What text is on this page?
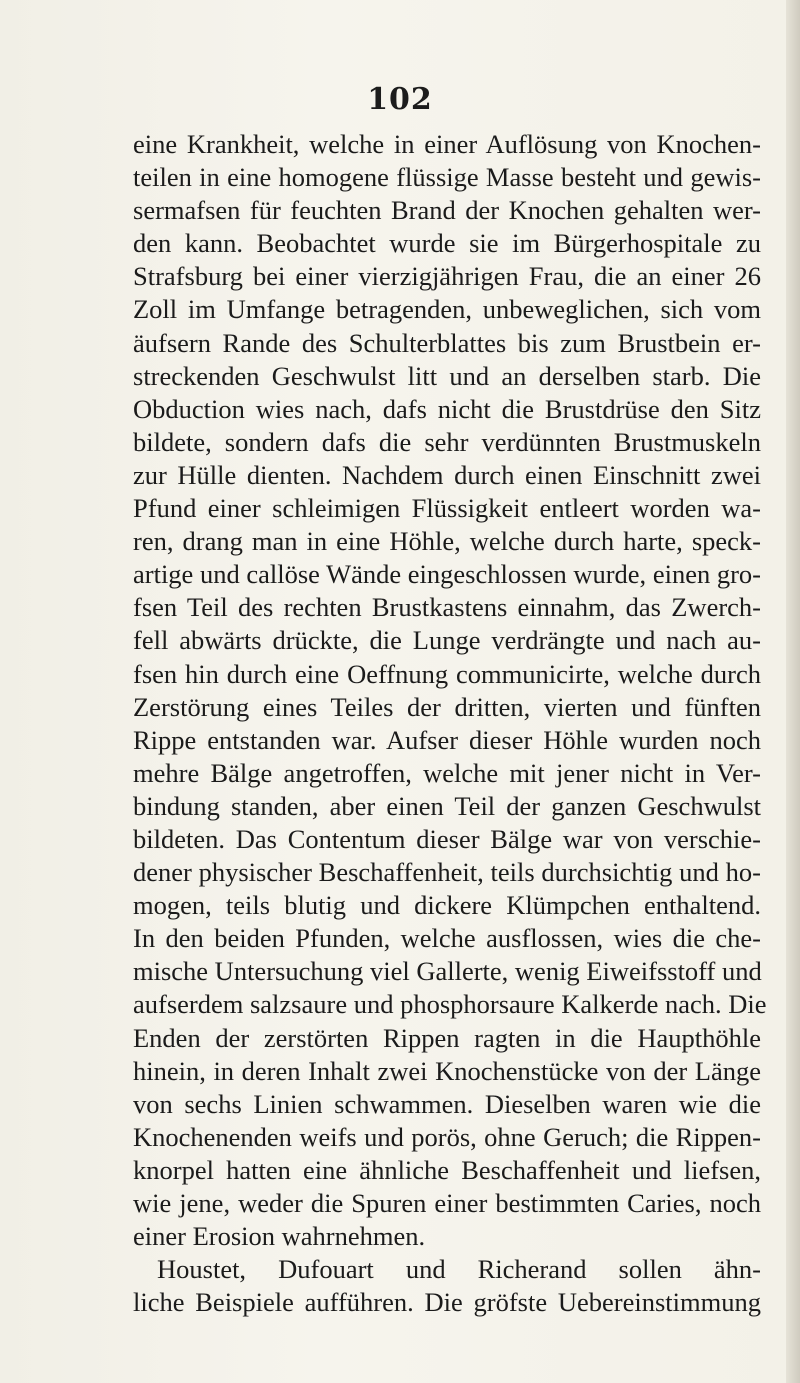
102
eine Krankheit, welche in einer Auflösung von Knochen-
teilen in eine homogene flüssige Masse besteht und gewis-
sermafsen für feuchten Brand der Knochen gehalten wer-
den kann. Beobachtet wurde sie im Bürgerhospitale zu
Strafsburg bei einer vierzigjährigen Frau, die an einer 26
Zoll im Umfange betragenden, unbeweglichen, sich vom
äufsern Rande des Schulterblattes bis zum Brustbein er-
streckenden Geschwulst litt und an derselben starb. Die
Obduction wies nach, dafs nicht die Brustdrüse den Sitz
bildete, sondern dafs die sehr verdünnten Brustmuskeln
zur Hülle dienten. Nachdem durch einen Einschnitt zwei
Pfund einer schleimigen Flüssigkeit entleert worden wa-
ren, drang man in eine Höhle, welche durch harte, speck-
artige und callöse Wände eingeschlossen wurde, einen gro-
fsen Teil des rechten Brustkastens einnahm, das Zwerch-
fell abwärts drückte, die Lunge verdrängte und nach au-
fsen hin durch eine Oeffnung communicirte, welche durch
Zerstörung eines Teiles der dritten, vierten und fünften
Rippe entstanden war. Aufser dieser Höhle wurden noch
mehre Bälge angetroffen, welche mit jener nicht in Ver-
bindung standen, aber einen Teil der ganzen Geschwulst
bildeten. Das Contentum dieser Bälge war von verschie-
dener physischer Beschaffenheit, teils durchsichtig und ho-
mogen, teils blutig und dickere Klümpchen enthaltend.
In den beiden Pfunden, welche ausflossen, wies die che-
mische Untersuchung viel Gallerte, wenig Eiweifsstoff und
aufserdem salzsaure und phosphorsaure Kalkerde nach. Die
Enden der zerstörten Rippen ragten in die Haupthöhle
hinein, in deren Inhalt zwei Knochenstücke von der Länge
von sechs Linien schwammen. Dieselben waren wie die
Knochenenden weifs und porös, ohne Geruch; die Rippen-
knorpel hatten eine ähnliche Beschaffenheit und liefsen,
wie jene, weder die Spuren einer bestimmten Caries, noch
einer Erosion wahrnehmen.
Houstet, Dufouart und Richerand sollen ähn-
liche Beispiele aufführen. Die gröfste Uebereinstimmung
